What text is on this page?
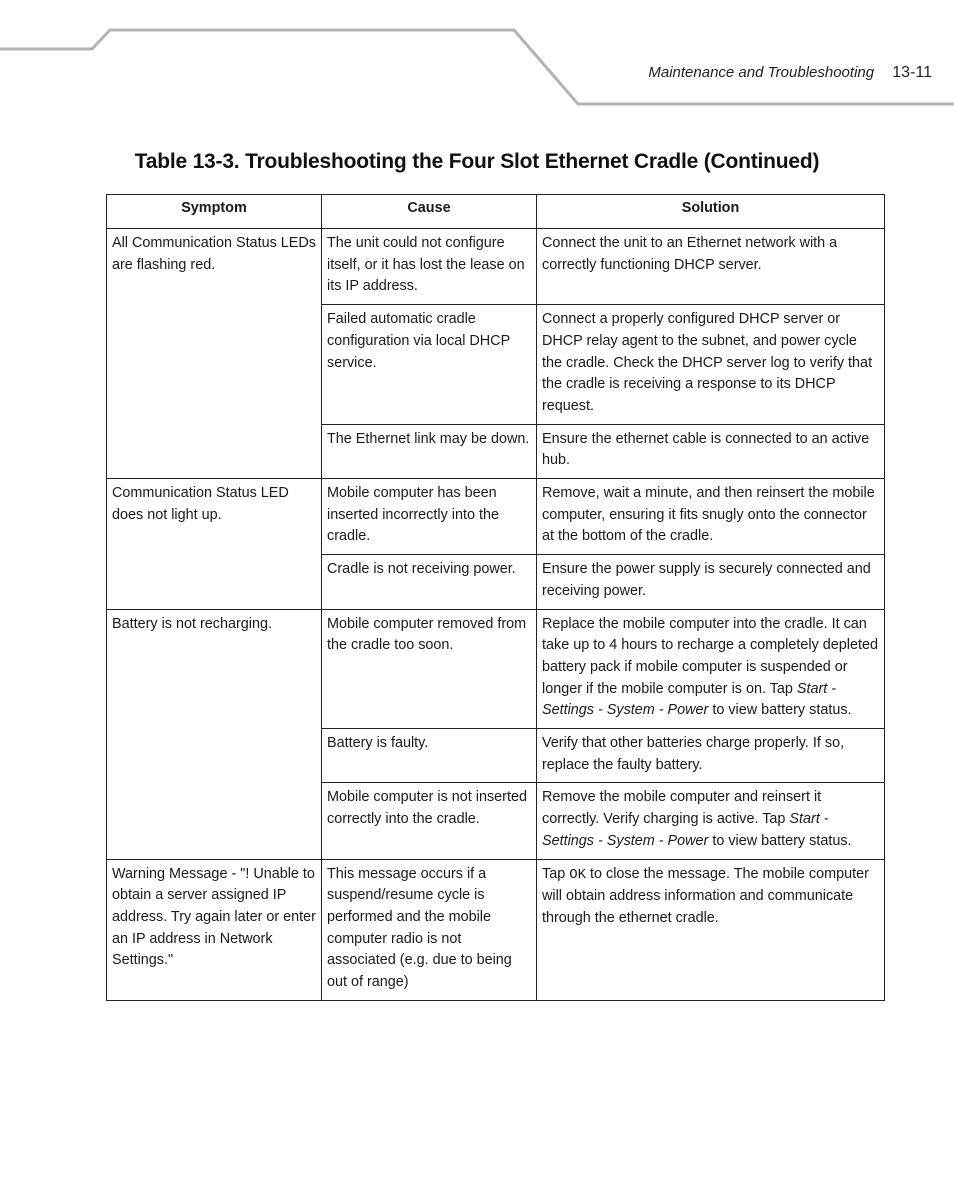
Maintenance and Troubleshooting 13-11
Table 13-3. Troubleshooting the Four Slot Ethernet Cradle (Continued)
Symptom	Cause	Solution
All Communication Status LEDs are flashing red.	The unit could not configure itself, or it has lost the lease on its IP address.	Connect the unit to an Ethernet network with a correctly functioning DHCP server.
	Failed automatic cradle configuration via local DHCP service.	Connect a properly configured DHCP server or DHCP relay agent to the subnet, and power cycle the cradle. Check the DHCP server log to verify that the cradle is receiving a response to its DHCP request.
	The Ethernet link may be down.	Ensure the ethernet cable is connected to an active hub.
Communication Status LED does not light up.	Mobile computer has been inserted incorrectly into the cradle.	Remove, wait a minute, and then reinsert the mobile computer, ensuring it fits snugly onto the connector at the bottom of the cradle.
	Cradle is not receiving power.	Ensure the power supply is securely connected and receiving power.
Battery is not recharging.	Mobile computer removed from the cradle too soon.	Replace the mobile computer into the cradle. It can take up to 4 hours to recharge a completely depleted battery pack if mobile computer is suspended or longer if the mobile computer is on. Tap Start - Settings - System - Power to view battery status.
	Battery is faulty.	Verify that other batteries charge properly. If so, replace the faulty battery.
	Mobile computer is not inserted correctly into the cradle.	Remove the mobile computer and reinsert it correctly. Verify charging is active. Tap Start - Settings - System - Power to view battery status.
Warning Message - "! Unable to obtain a server assigned IP address. Try again later or enter an IP address in Network Settings."	This message occurs if a suspend/resume cycle is performed and the mobile computer radio is not associated (e.g. due to being out of range)	Tap OK to close the message. The mobile computer will obtain address information and communicate through the ethernet cradle.
